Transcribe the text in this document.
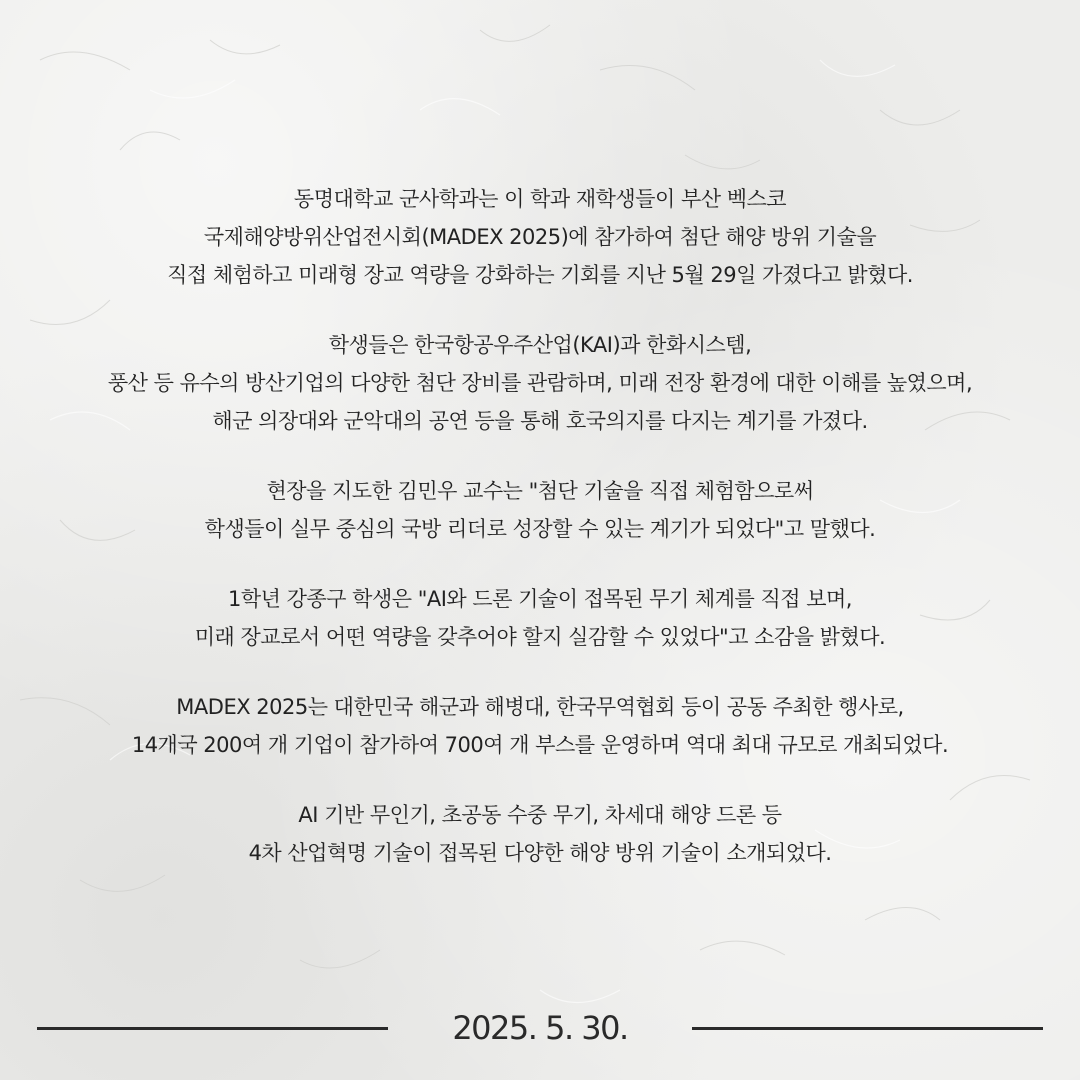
동명대학교 군사학과는 이 학과 재학생들이 부산 벡스코
국제해양방위산업전시회(MADEX 2025)에 참가하여 첨단 해양 방위 기술을
직접 체험하고 미래형 장교 역량을 강화하는 기회를 지난 5월 29일 가졌다고 밝혔다.

학생들은 한국항공우주산업(KAI)과 한화시스템,
풍산 등 유수의 방산기업의 다양한 첨단 장비를 관람하며, 미래 전장 환경에 대한 이해를 높였으며,
해군 의장대와 군악대의 공연 등을 통해 호국의지를 다지는 계기를 가졌다.

현장을 지도한 김민우 교수는 "첨단 기술을 직접 체험함으로써
학생들이 실무 중심의 국방 리더로 성장할 수 있는 계기가 되었다"고 말했다.

1학년 강종구 학생은 "AI와 드론 기술이 접목된 무기 체계를 직접 보며,
미래 장교로서 어떤 역량을 갖추어야 할지 실감할 수 있었다"고 소감을 밝혔다.

MADEX 2025는 대한민국 해군과 해병대, 한국무역협회 등이 공동 주최한 행사로,
14개국 200여 개 기업이 참가하여 700여 개 부스를 운영하며 역대 최대 규모로 개최되었다.

AI 기반 무인기, 초공동 수중 무기, 차세대 해양 드론 등
4차 산업혁명 기술이 접목된 다양한 해양 방위 기술이 소개되었다.

2025. 5. 30.
